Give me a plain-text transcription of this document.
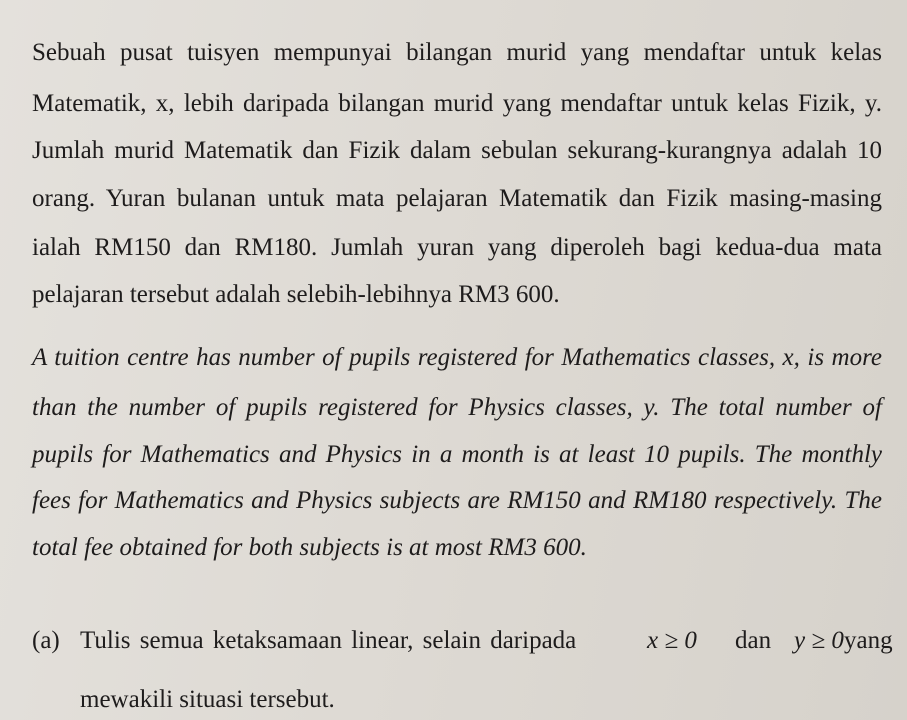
Sebuah pusat tuisyen mempunyai bilangan murid yang mendaftar untuk kelas
Matematik, x, lebih daripada bilangan murid yang mendaftar untuk kelas Fizik, y.
Jumlah murid Matematik dan Fizik dalam sebulan sekurang-kurangnya adalah 10
orang. Yuran bulanan untuk mata pelajaran Matematik dan Fizik masing-masing
ialah RM150 dan RM180. Jumlah yuran yang diperoleh bagi kedua-dua mata
pelajaran tersebut adalah selebih-lebihnya RM3 600.
A tuition centre has number of pupils registered for Mathematics classes, x, is more
than the number of pupils registered for Physics classes, y. The total number of
pupils for Mathematics and Physics in a month is at least 10 pupils. The monthly
fees for Mathematics and Physics subjects are RM150 and RM180 respectively. The
total fee obtained for both subjects is at most RM3 600.
(a) Tulis semua ketaksamaan linear, selain daripada	x ≥ 0 dan y ≥ 0 yang
mewakili situasi tersebut.
